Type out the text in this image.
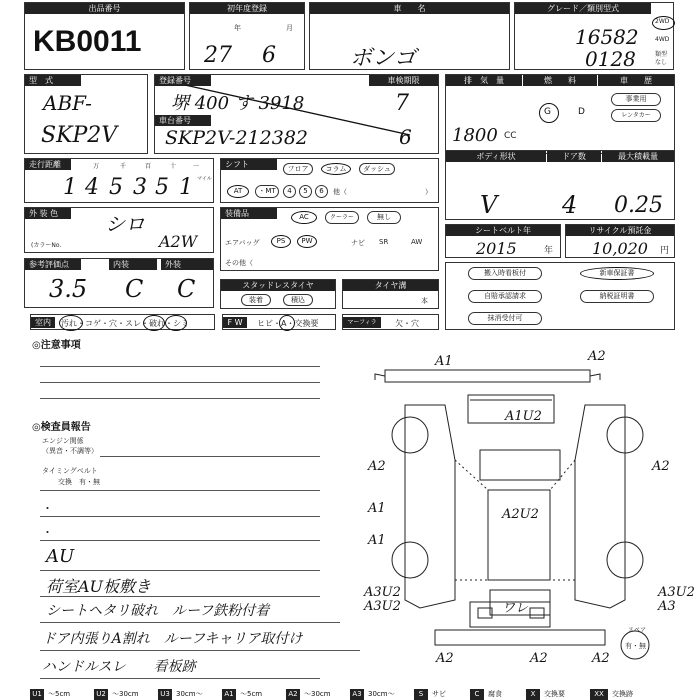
出品番号
KB0011
初年度登録
年	月
27 6
車　　名
ボンゴ
グレード／類別型式
16582
0128
2WD
4WD
類型
なし
型　式
ABF-
SKP2V
登録番号
堺 400 す 3918
車台番号
SKP2V-212382
車検期限
7
6
排　気　量	燃　　料	車　　歴
1800 CC
G	D
事業用
レンタカー
走行距離	万	千	百	十	一
マイル
1 4 5 3 5 1
シフト	フロア	コラム	ダッシュ
AT	・MT	4	5	6	他（	）
ボディ形状	ドア数	最大積載量
V	4 0.25
外 装 色	シロ
(カラーNo.	A2W
装備品	AC	クーラー	無し
エアバッグ	PS	PW	ナビ SR	AW
その他（
シートベルト年
2015	年
リサイクル預託金
10,020 円
参考評価点	内装	外装
3.5 C C	スタッドレスタイヤ
装着	積込
タイヤ溝
本
搬入時看板付	新車保証書
自賠承認請求	納税証明書
抹消受付可
室内	汚れ・コゲ・穴・スレ・破れ・シミ	F W	ヒビ・A・交換要	マーフィラ	欠・穴
◎注意事項
◎検査員報告
エンジン関係
（異音・不調等）
タイミングベルト
交換　有・無
・
・
AU
荷室AU板敷き
シートヘタリ破れ　ルーフ鉄粉付着
ドア内張りA割れ　ルーフキャリア取付け
ハンドルスレ　　看板跡
A1	A2
A1U2
A2
A1
A2
A2U2
A1
A3U2
A3U2
A3U2
A3
ワレ
A2	A2	A2
スペア
有・無
U1 〜5cm	U2 〜30cm	U3 30cm〜	A1 〜5cm	A2 〜30cm	A3 30cm〜	S	サビ	C	腐食	X	交換要	XX	交換跡
